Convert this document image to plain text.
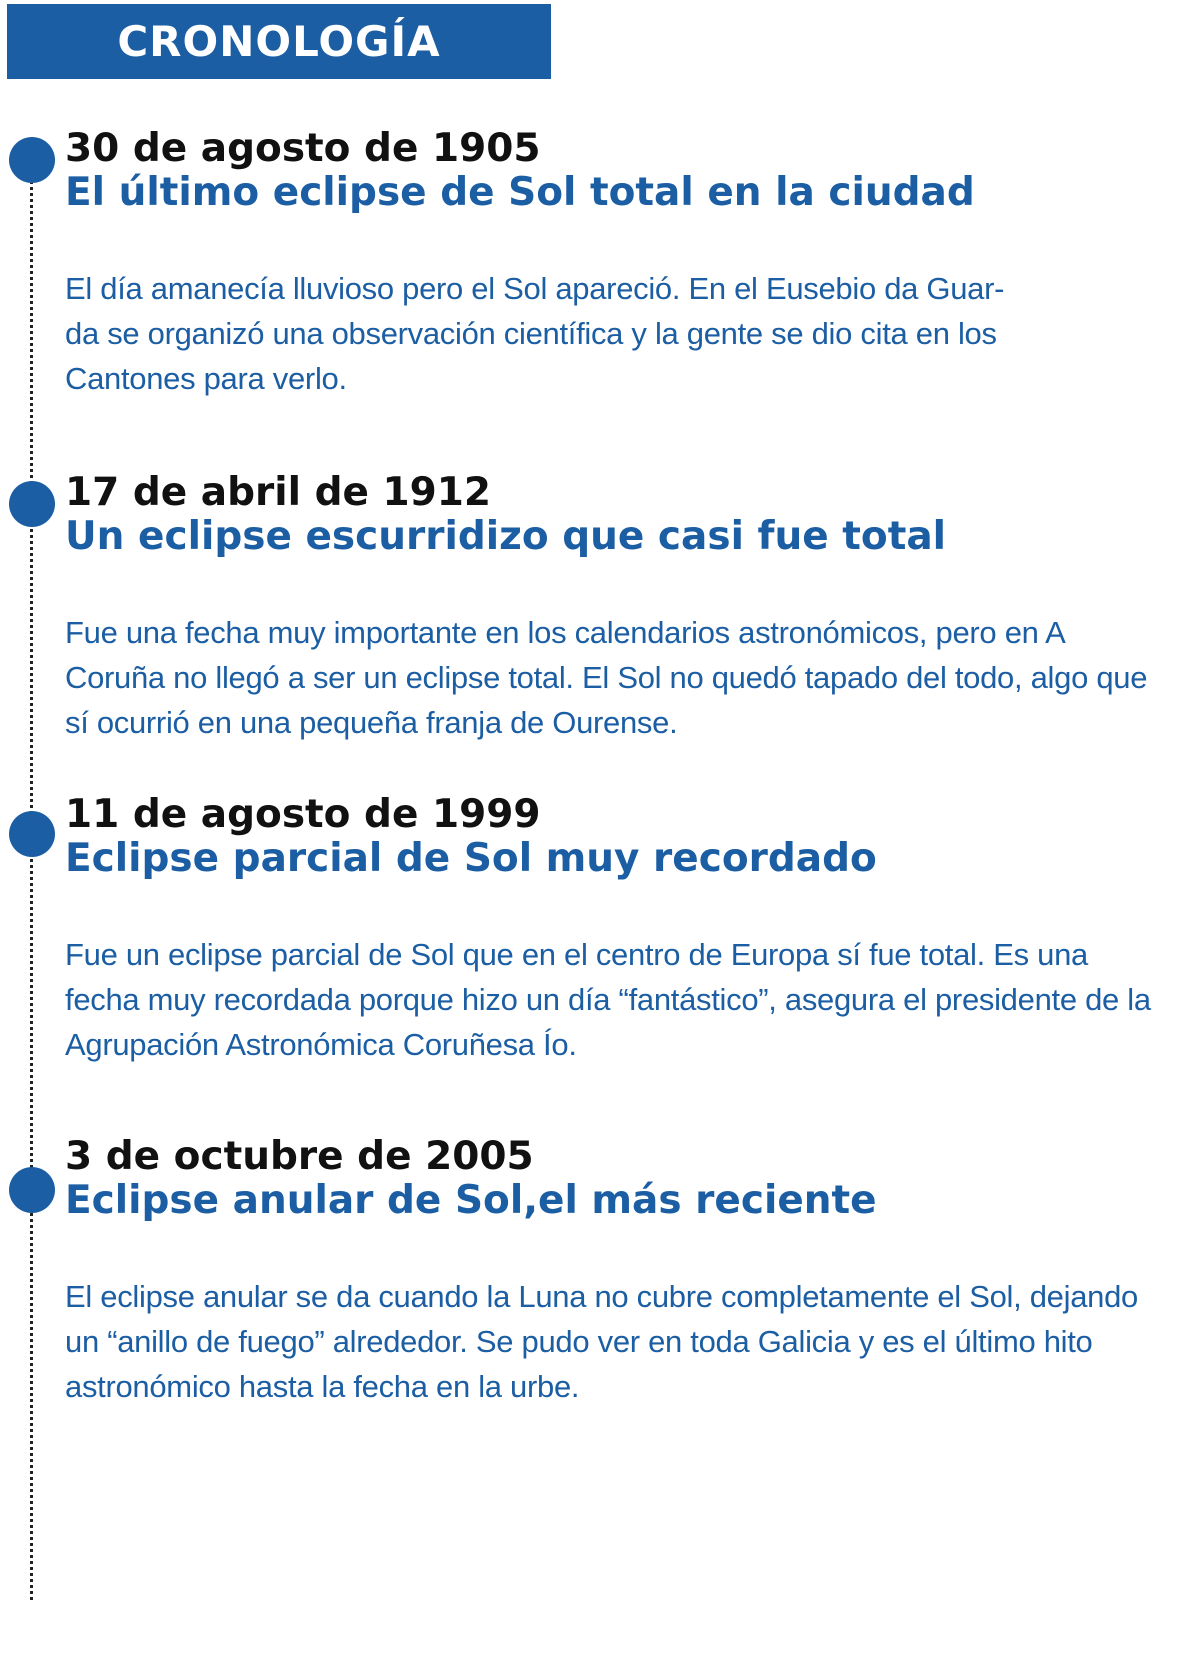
CRONOLOGÍA
30 de agosto de 1905
El último eclipse de Sol total en la ciudad

El día amanecía lluvioso pero el Sol apareció. En el Eusebio da Guar-
da se organizó una observación científica y la gente se dio cita en los
Cantones para verlo.

17 de abril de 1912
Un eclipse escurridizo que casi fue total

Fue una fecha muy importante en los calendarios astronómicos, pero en A
Coruña no llegó a ser un eclipse total. El Sol no quedó tapado del todo, algo que
sí ocurrió en una pequeña franja de Ourense.

11 de agosto de 1999
Eclipse parcial de Sol muy recordado

Fue un eclipse parcial de Sol que en el centro de Europa sí fue total. Es una
fecha muy recordada porque hizo un día “fantástico”, asegura el presidente de la
Agrupación Astronómica Coruñesa Ío.

3 de octubre de 2005
Eclipse anular de Sol,el más reciente

El eclipse anular se da cuando la Luna no cubre completamente el Sol, dejando
un “anillo de fuego” alrededor. Se pudo ver en toda Galicia y es el último hito
astronómico hasta la fecha en la urbe.
